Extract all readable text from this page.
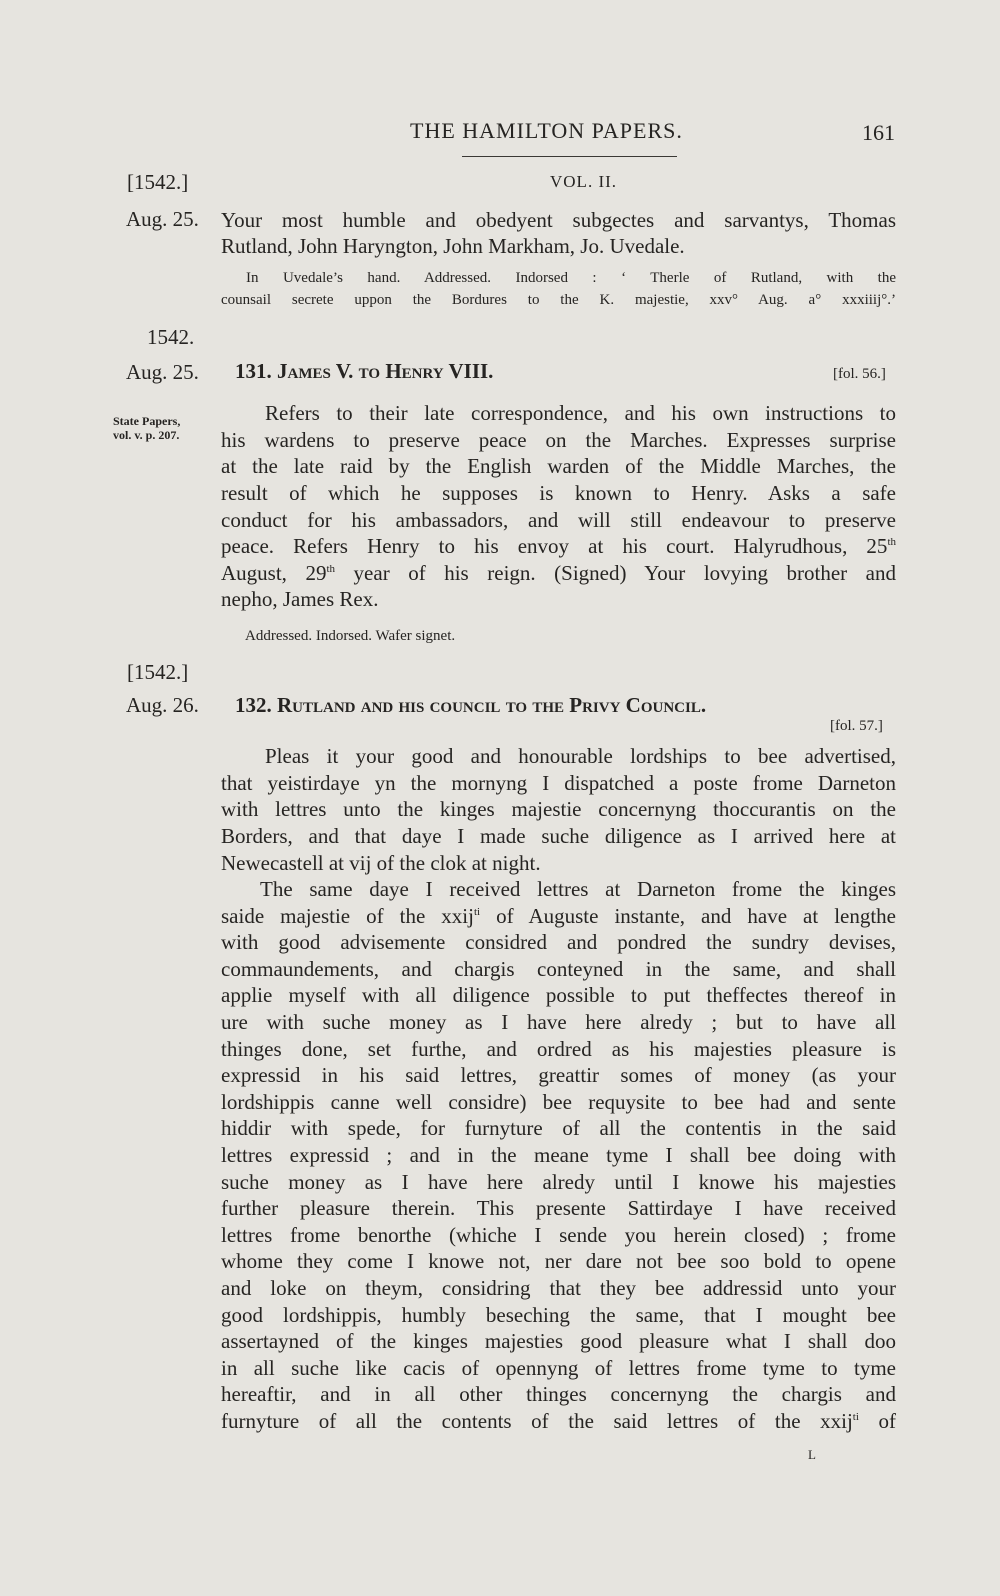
THE HAMILTON PAPERS.	161
VOL. II.
[1542.]
Aug. 25. Your most humble and obedyent subgectes and sarvantys, Thomas
Rutland, John Haryngton, John Markham, Jo. Uvedale.
In Uvedale’s hand. Addressed. Indorsed : ‘ Therle of Rutland, with the
counsail secrete uppon the Bordures to the K. majestie, xxv° Aug. a° xxxiiij°.’
1542.
Aug. 25. 131. James V. to Henry VIII.	[fol. 56.]
State Papers,
vol. v. p. 207.
Refers to their late correspondence, and his own instructions to
his wardens to preserve peace on the Marches. Expresses surprise
at the late raid by the English warden of the Middle Marches, the
result of which he supposes is known to Henry. Asks a safe
conduct for his ambassadors, and will still endeavour to preserve
peace. Refers Henry to his envoy at his court. Halyrudhous, 25th
August, 29th year of his reign. (Signed) Your lovying brother and
nepho, James Rex.
Addressed. Indorsed. Wafer signet.
[1542.]
Aug. 26. 132. Rutland and his council to the Privy Council.
[fol. 57.]
Pleas it your good and honourable lordships to bee advertised,
that yeistirdaye yn the mornyng I dispatched a poste frome Darneton
with lettres unto the kinges majestie concernyng thoccurantis on the
Borders, and that daye I made suche diligence as I arrived here at
Newecastell at vij of the clok at night.
The same daye I received lettres at Darneton frome the kinges
saide majestie of the xxij$^{ti}$ of Auguste instante, and have at lengthe
with good advisemente considred and pondred the sundry devises,
commaundements, and chargis conteyned in the same, and shall
applie myself with all diligence possible to put theffectes thereof in
ure with suche money as I have here alredy ; but to have all
thinges done, set furthe, and ordred as his majesties pleasure is
expressid in his said lettres, greattir somes of money (as your
lordshippis canne well considre) bee requysite to bee had and sente
hiddir with spede, for furnyture of all the contentis in the said
lettres expressid ; and in the meane tyme I shall bee doing with
suche money as I have here alredy until I knowe his majesties
further pleasure therein. This presente Sattirdaye I have received
lettres frome benorthe (whiche I sende you herein closed) ; frome
whome they come I knowe not, ner dare not bee soo bold to opene
and loke on theym, considring that they bee addressid unto your
good lordshippis, humbly beseching the same, that I mought bee
assertayned of the kinges majesties good pleasure what I shall doo
in all suche like cacis of opennyng of lettres frome tyme to tyme
hereaftir, and in all other thinges concernyng the chargis and
furnyture of all the contents of the said lettres of the xxij$^{ti}$ of
L
